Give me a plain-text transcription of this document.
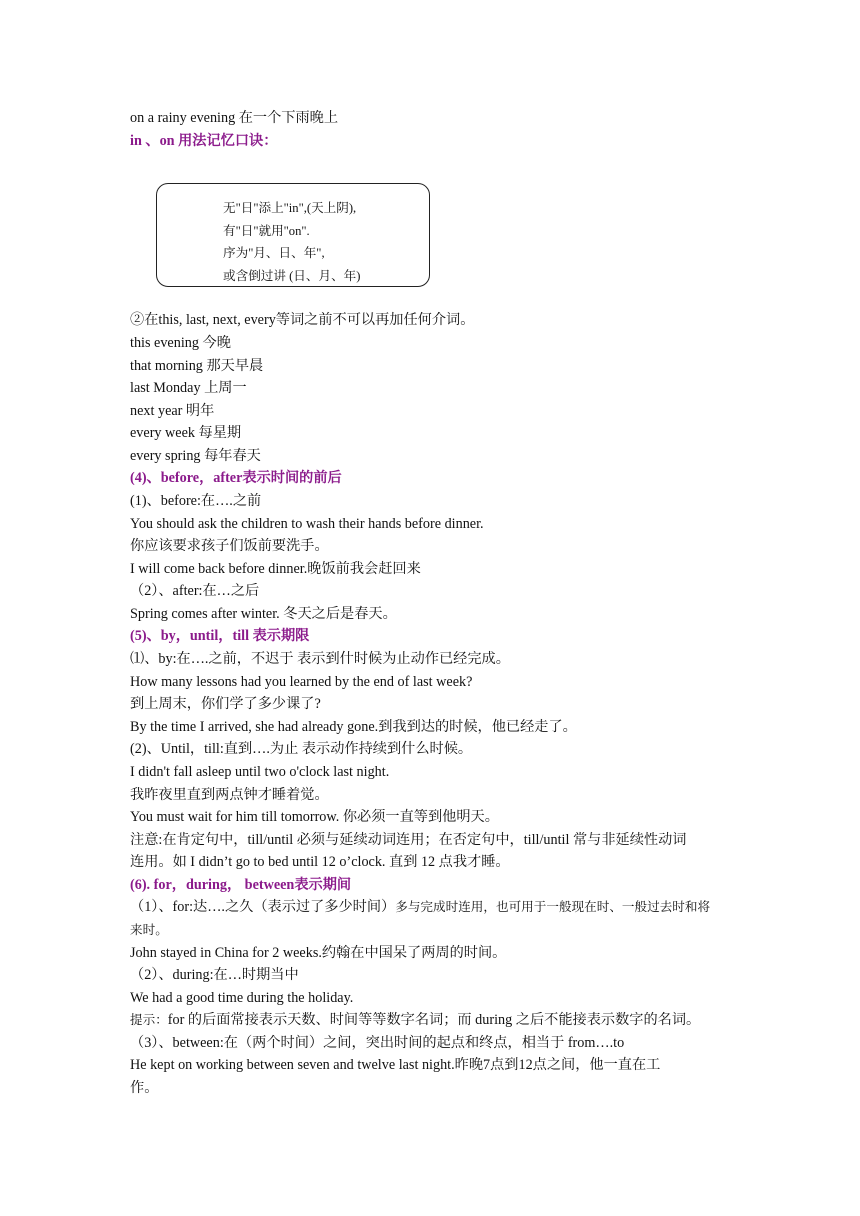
on a rainy evening 在一个下雨晚上
in 、on 用法记忆口诀：
无"日"添上"in",(天上阴),
有"日"就用"on".
序为"月、日、年",
或含倒过讲 (日、月、年)
②在this, last, next, every等词之前不可以再加任何介词。
this evening 今晚
that morning 那天早晨
last Monday 上周一
next year 明年
every week 每星期
every spring 每年春天
(4)、before，after表示时间的前后
(1)、before:在….之前
You should ask the children to wash their hands before dinner.
你应该要求孩子们饭前要洗手。
I will come back before dinner.晚饭前我会赶回来
（2）、after:在…之后
Spring comes after winter. 冬天之后是春天。
(5)、by，until，till 表示期限
⑴、by:在….之前，不迟于 表示到什时候为止动作已经完成。
How many lessons had you learned by the end of last week?
到上周末，你们学了多少课了?
By the time I arrived, she had already gone.到我到达的时候，他已经走了。
(2)、Until，till:直到….为止 表示动作持续到什么时候。
I didn't fall asleep until two o'clock last night.
我昨夜里直到两点钟才睡着觉。
You must wait for him till tomorrow. 你必须一直等到他明天。
注意:在肯定句中，till/until 必须与延续动词连用；在否定句中，till/until 常与非延续性动词
连用。如 I didn’t go to bed until 12 o’clock. 直到 12 点我才睡。
(6). for，during， between表示期间
（1）、for:达….之久（表示过了多少时间）多与完成时连用，也可用于一般现在时、一般过去时和将
来时。
John stayed in China for 2 weeks.约翰在中国呆了两周的时间。
（2）、during:在…时期当中
We had a good time during the holiday.
提示：for 的后面常接表示天数、时间等等数字名词；而 during 之后不能接表示数字的名词。
（3）、between:在（两个时间）之间，突出时间的起点和终点，相当于 from….to
He kept on working between seven and twelve last night.昨晚7点到12点之间，他一直在工
作。
